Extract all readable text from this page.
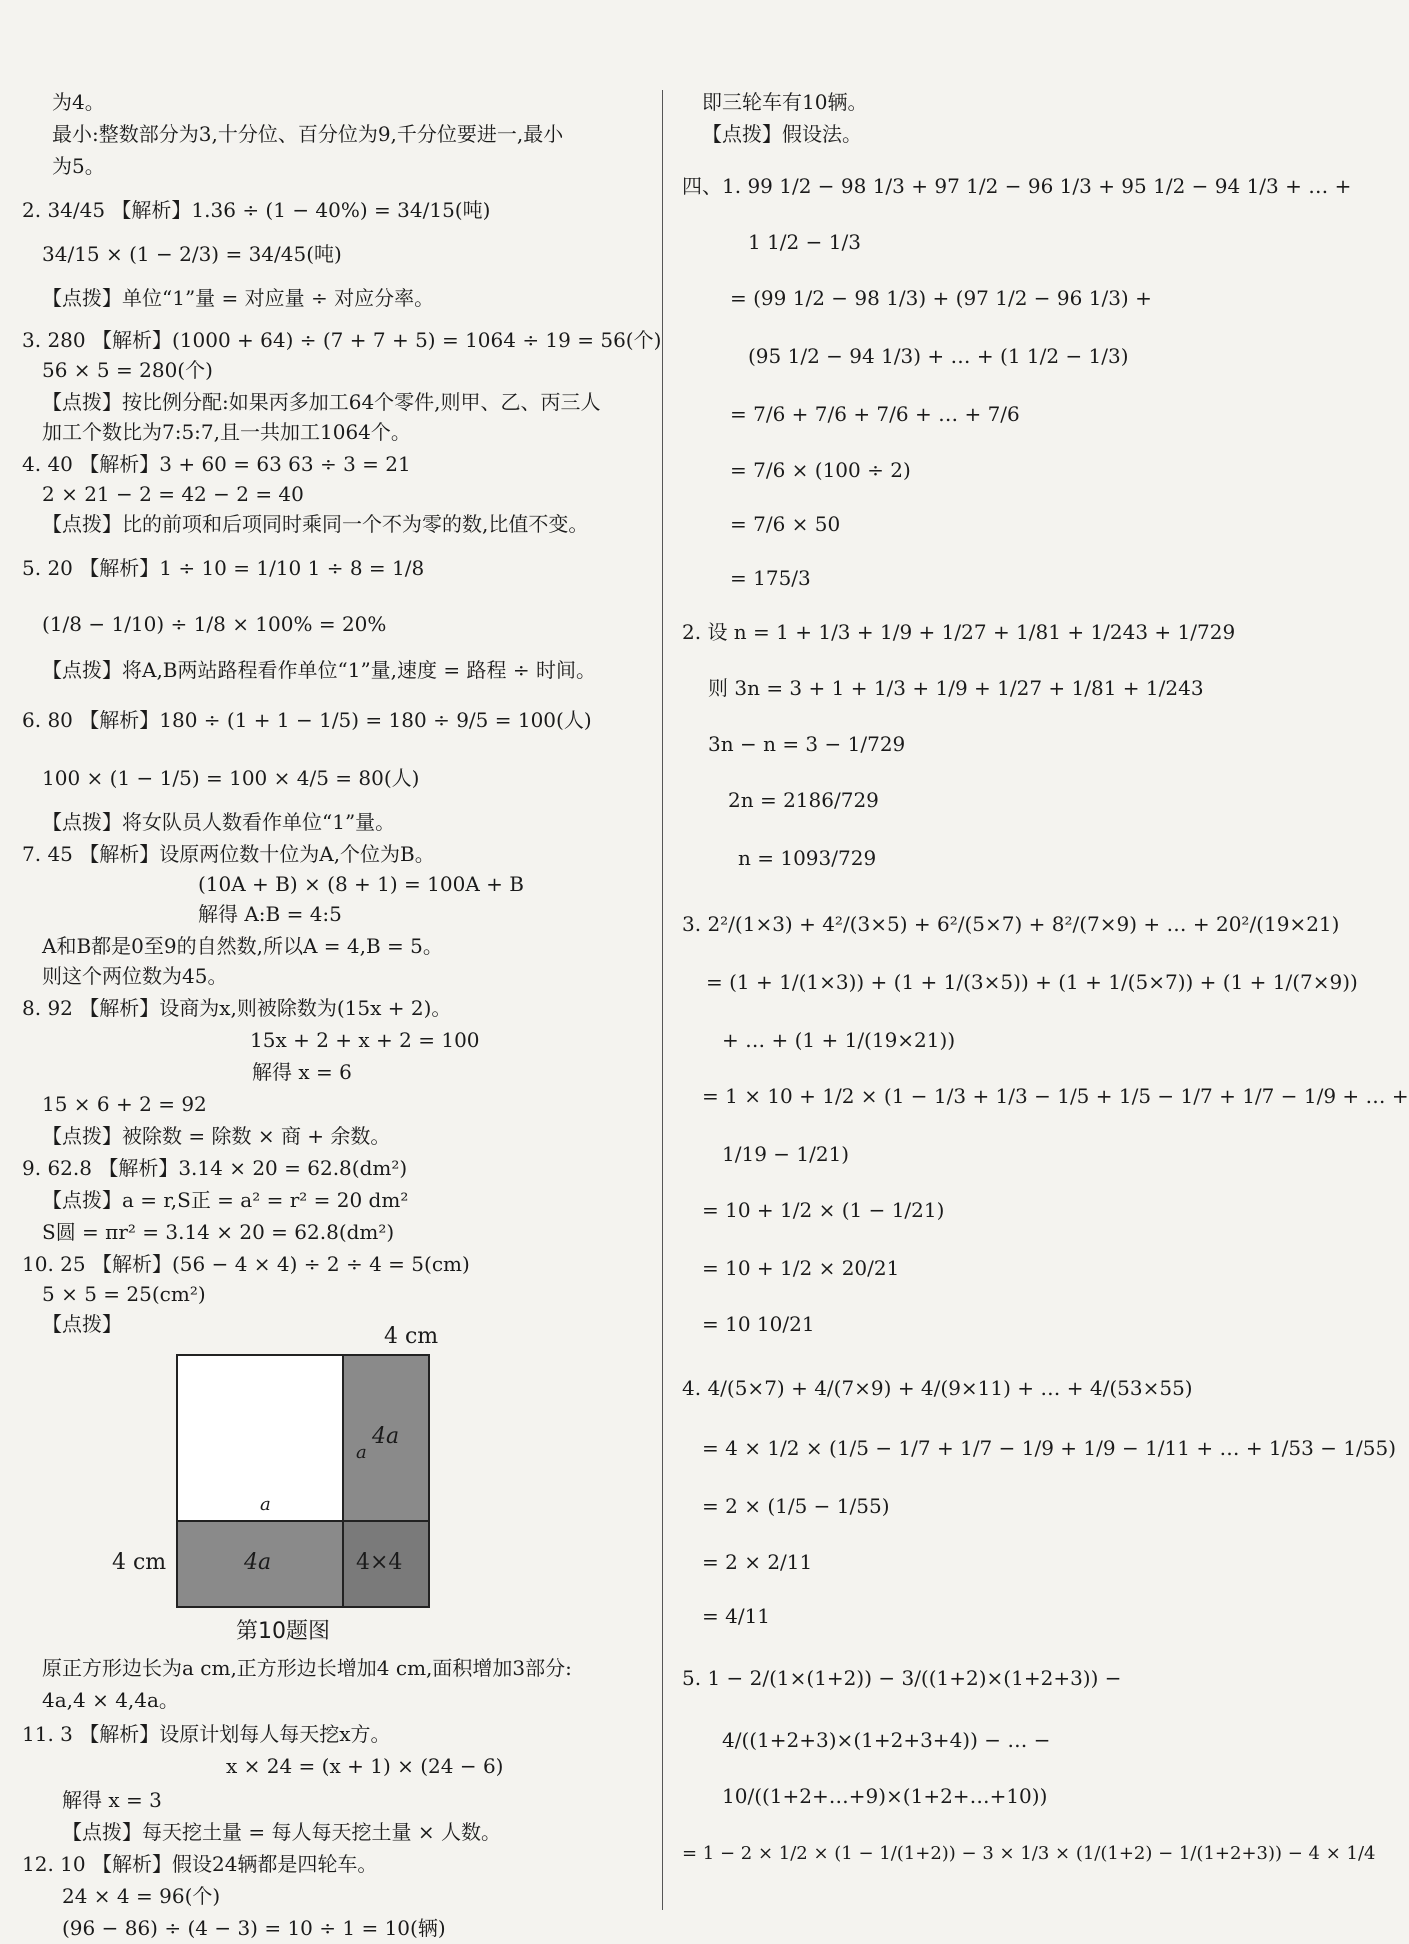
为4。
最小:整数部分为3,十分位、百分位为9,千分位要进一,最小
为5。
2. 34/45 【解析】1.36 ÷ (1 − 40%) = 34/15(吨)
34/15 × (1 − 2/3) = 34/45(吨)
【点拨】单位“1”量 = 对应量 ÷ 对应分率。
3. 280 【解析】(1000 + 64) ÷ (7 + 7 + 5) = 1064 ÷ 19 = 56(个)
56 × 5 = 280(个)
【点拨】按比例分配:如果丙多加工64个零件,则甲、乙、丙三人
加工个数比为7:5:7,且一共加工1064个。
4. 40 【解析】3 + 60 = 63 63 ÷ 3 = 21
2 × 21 − 2 = 42 − 2 = 40
【点拨】比的前项和后项同时乘同一个不为零的数,比值不变。
5. 20 【解析】1 ÷ 10 = 1/10 1 ÷ 8 = 1/8
(1/8 − 1/10) ÷ 1/8 × 100% = 20%
【点拨】将A,B两站路程看作单位“1”量,速度 = 路程 ÷ 时间。
6. 80 【解析】180 ÷ (1 + 1 − 1/5) = 180 ÷ 9/5 = 100(人)
100 × (1 − 1/5) = 100 × 4/5 = 80(人)
【点拨】将女队员人数看作单位“1”量。
7. 45 【解析】设原两位数十位为A,个位为B。
(10A + B) × (8 + 1) = 100A + B
解得 A:B = 4:5
A和B都是0至9的自然数,所以A = 4,B = 5。
则这个两位数为45。
8. 92 【解析】设商为x,则被除数为(15x + 2)。
15x + 2 + x + 2 = 100
解得 x = 6
15 × 6 + 2 = 92
【点拨】被除数 = 除数 × 商 + 余数。
9. 62.8 【解析】3.14 × 20 = 62.8(dm²)
【点拨】a = r,S正 = a² = r² = 20 dm²
S圆 = πr² = 3.14 × 20 = 62.8(dm²)
10. 25 【解析】(56 − 4 × 4) ÷ 2 ÷ 4 = 5(cm)
5 × 5 = 25(cm²)
【点拨】	4 cm
a
a
4a
4a	4×4
4 cm
第10题图
原正方形边长为a cm,正方形边长增加4 cm,面积增加3部分:
4a,4 × 4,4a。
11. 3 【解析】设原计划每人每天挖x方。
x × 24 = (x + 1) × (24 − 6)
解得 x = 3
【点拨】每天挖土量 = 每人每天挖土量 × 人数。
12. 10 【解析】假设24辆都是四轮车。
24 × 4 = 96(个)
(96 − 86) ÷ (4 − 3) = 10 ÷ 1 = 10(辆)
即三轮车有10辆。
【点拨】假设法。
四、1. 99 1/2 − 98 1/3 + 97 1/2 − 96 1/3 + 95 1/2 − 94 1/3 + … +
1 1/2 − 1/3
= (99 1/2 − 98 1/3) + (97 1/2 − 96 1/3) +
(95 1/2 − 94 1/3) + … + (1 1/2 − 1/3)
= 7/6 + 7/6 + 7/6 + … + 7/6
= 7/6 × (100 ÷ 2)
= 7/6 × 50
= 175/3
2. 设 n = 1 + 1/3 + 1/9 + 1/27 + 1/81 + 1/243 + 1/729
则 3n = 3 + 1 + 1/3 + 1/9 + 1/27 + 1/81 + 1/243
3n − n = 3 − 1/729
2n = 2186/729
n = 1093/729
3. 2²/(1×3) + 4²/(3×5) + 6²/(5×7) + 8²/(7×9) + … + 20²/(19×21)
= (1 + 1/(1×3)) + (1 + 1/(3×5)) + (1 + 1/(5×7)) + (1 + 1/(7×9))
+ … + (1 + 1/(19×21))
= 1 × 10 + 1/2 × (1 − 1/3 + 1/3 − 1/5 + 1/5 − 1/7 + 1/7 − 1/9 + … +
1/19 − 1/21)
= 10 + 1/2 × (1 − 1/21)
= 10 + 1/2 × 20/21
= 10 10/21
4. 4/(5×7) + 4/(7×9) + 4/(9×11) + … + 4/(53×55)
= 4 × 1/2 × (1/5 − 1/7 + 1/7 − 1/9 + 1/9 − 1/11 + … + 1/53 − 1/55)
= 2 × (1/5 − 1/55)
= 2 × 2/11
= 4/11
5. 1 − 2/(1×(1+2)) − 3/((1+2)×(1+2+3)) −
4/((1+2+3)×(1+2+3+4)) − … −
10/((1+2+…+9)×(1+2+…+10))
= 1 − 2 × 1/2 × (1 − 1/(1+2)) − 3 × 1/3 × (1/(1+2) − 1/(1+2+3)) − 4 × 1/4
